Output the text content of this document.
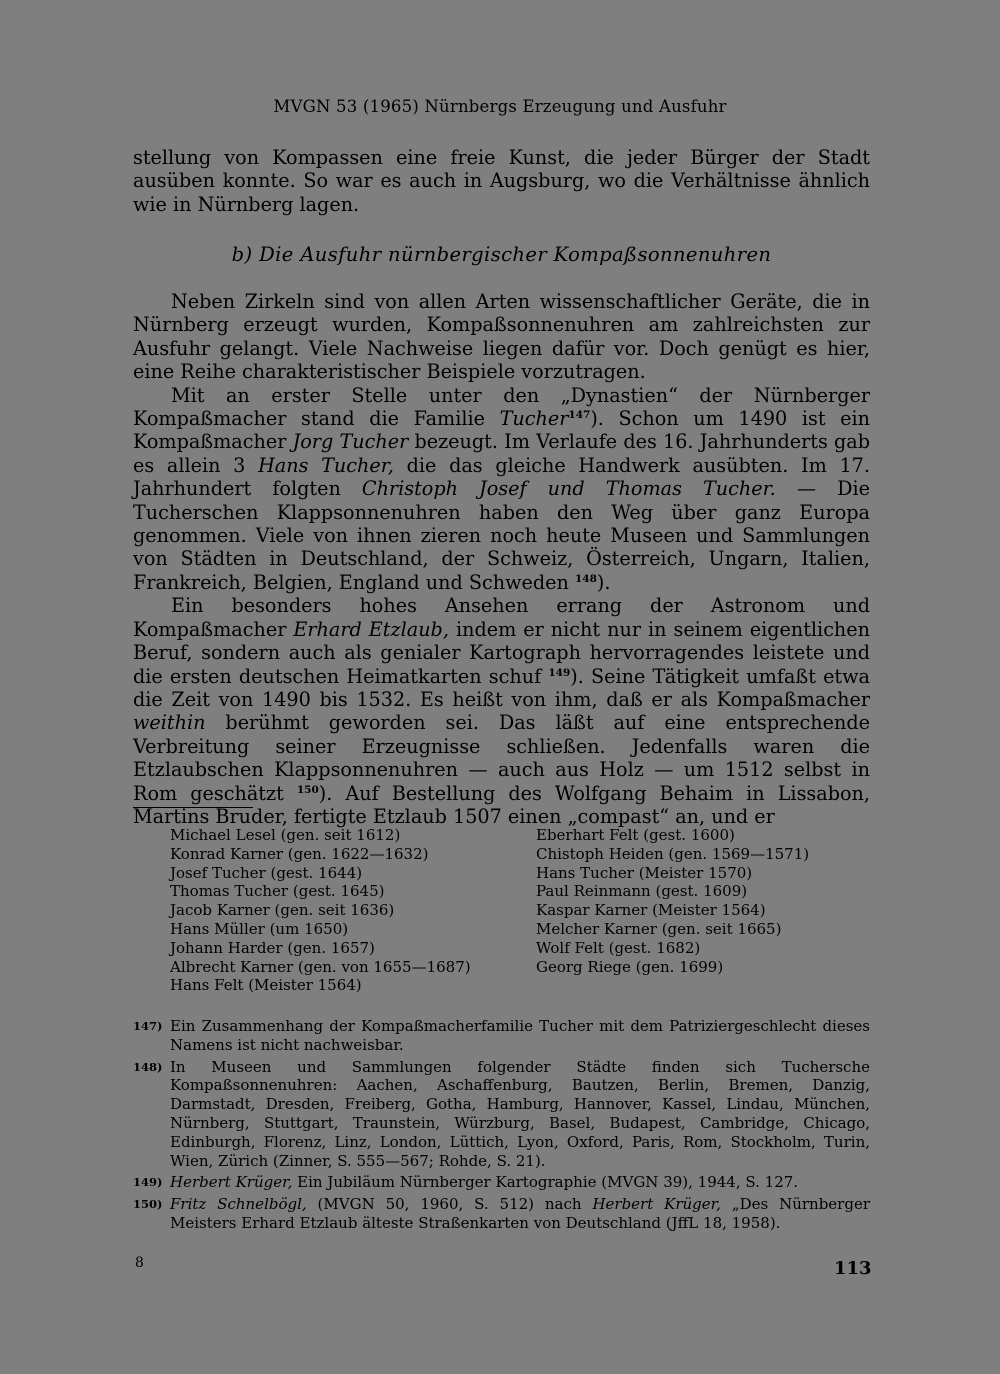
MVGN 53 (1965) Nürnbergs Erzeugung und Ausfuhr

stellung von Kompassen eine freie Kunst, die jeder Bürger der Stadt ausüben konnte. So war es auch in Augsburg, wo die Verhältnisse ähnlich wie in Nürnberg lagen.

b) Die Ausfuhr nürnbergischer Kompaßsonnenuhren

Neben Zirkeln sind von allen Arten wissenschaftlicher Geräte, die in Nürnberg erzeugt wurden, Kompaßsonnenuhren am zahlreichsten zur Ausfuhr gelangt. Viele Nachweise liegen dafür vor. Doch genügt es hier, eine Reihe charakteristischer Beispiele vorzutragen.

Mit an erster Stelle unter den „Dynastien“ der Nürnberger Kompaßmacher stand die Familie Tucher$^{147}$). Schon um 1490 ist ein Kompaßmacher Jorg Tucher bezeugt. Im Verlaufe des 16. Jahrhunderts gab es allein 3 Hans Tucher, die das gleiche Handwerk ausübten. Im 17. Jahrhundert folgten Christoph Josef und Thomas Tucher. — Die Tucherschen Klappsonnenuhren haben den Weg über ganz Europa genommen. Viele von ihnen zieren noch heute Museen und Sammlungen von Städten in Deutschland, der Schweiz, Österreich, Ungarn, Italien, Frankreich, Belgien, England und Schweden $^{148}$).

Ein besonders hohes Ansehen errang der Astronom und Kompaßmacher Erhard Etzlaub, indem er nicht nur in seinem eigentlichen Beruf, sondern auch als genialer Kartograph hervorragendes leistete und die ersten deutschen Heimatkarten schuf $^{149}$). Seine Tätigkeit umfaßt etwa die Zeit von 1490 bis 1532. Es heißt von ihm, daß er als Kompaßmacher weithin berühmt geworden sei. Das läßt auf eine entsprechende Verbreitung seiner Erzeugnisse schließen. Jedenfalls waren die Etzlaubschen Klappsonnenuhren — auch aus Holz — um 1512 selbst in Rom geschätzt $^{150}$). Auf Bestellung des Wolfgang Behaim in Lissabon, Martins Bruder, fertigte Etzlaub 1507 einen „compast“ an, und er

Michael Lesel (gen. seit 1612)
Konrad Karner (gen. 1622—1632)
Josef Tucher (gest. 1644)
Thomas Tucher (gest. 1645)
Jacob Karner (gen. seit 1636)
Hans Müller (um 1650)
Johann Harder (gen. 1657)
Albrecht Karner (gen. von 1655—1687)
Hans Felt (Meister 1564)
Eberhart Felt (gest. 1600)
Chistoph Heiden (gen. 1569—1571)
Hans Tucher (Meister 1570)
Paul Reinmann (gest. 1609)
Kaspar Karner (Meister 1564)
Melcher Karner (gen. seit 1665)
Wolf Felt (gest. 1682)
Georg Riege (gen. 1699)
147) Ein Zusammenhang der Kompaßmacherfamilie Tucher mit dem Patriziergeschlecht dieses Namens ist nicht nachweisbar.
148) In Museen und Sammlungen folgender Städte finden sich Tuchersche Kompaßsonnenuhren: Aachen, Aschaffenburg, Bautzen, Berlin, Bremen, Danzig, Darmstadt, Dresden, Freiberg, Gotha, Hamburg, Hannover, Kassel, Lindau, München, Nürnberg, Stuttgart, Traunstein, Würzburg, Basel, Budapest, Cambridge, Chicago, Edinburgh, Florenz, Linz, London, Lüttich, Lyon, Oxford, Paris, Rom, Stockholm, Turin, Wien, Zürich (Zinner, S. 555—567; Rohde, S. 21).
149) Herbert Krüger, Ein Jubiläum Nürnberger Kartographie (MVGN 39), 1944, S. 127.
150) Fritz Schnelbögl, (MVGN 50, 1960, S. 512) nach Herbert Krüger, „Des Nürnberger Meisters Erhard Etzlaub älteste Straßenkarten von Deutschland (JffL 18, 1958).
8	113
